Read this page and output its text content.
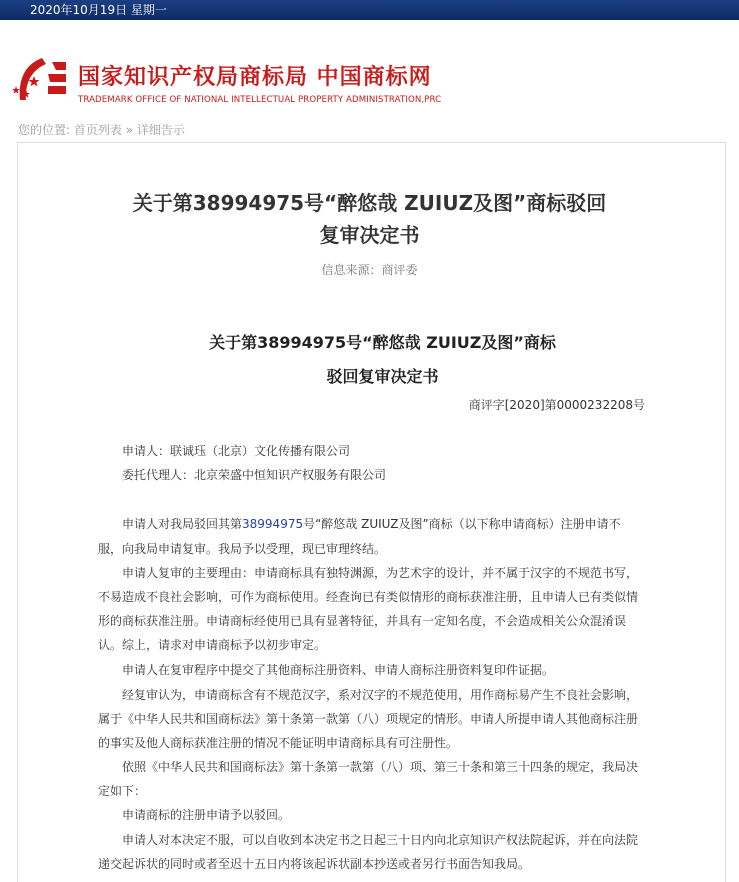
2020年10月19日 星期一
国家知识产权局商标局 中国商标网
TRADEMARK OFFICE OF NATIONAL INTELLECTUAL PROPERTY ADMINISTRATION,PRC
您的位置: 首页列表 » 详细告示
关于第38994975号“醉悠哉 ZUIUZ及图”商标驳回
复审决定书
信息来源：商评委
关于第38994975号“醉悠哉 ZUIUZ及图”商标
驳回复审决定书
商评字[2020]第0000232208号
申请人：联诚珏（北京）文化传播有限公司
委托代理人：北京荣盛中恒知识产权服务有限公司
申请人对我局驳回其第38994975号“醉悠哉 ZUIUZ及图”商标（以下称申请商标）注册申请不
服，向我局申请复审。我局予以受理，现已审理终结。
申请人复审的主要理由：申请商标具有独特渊源，为艺术字的设计，并不属于汉字的不规范书写，
不易造成不良社会影响，可作为商标使用。经查询已有类似情形的商标获准注册，且申请人已有类似情
形的商标获准注册。申请商标经使用已具有显著特征，并具有一定知名度，不会造成相关公众混淆误
认。综上，请求对申请商标予以初步审定。
申请人在复审程序中提交了其他商标注册资料、申请人商标注册资料复印件证据。
经复审认为，申请商标含有不规范汉字，系对汉字的不规范使用，用作商标易产生不良社会影响，
属于《中华人民共和国商标法》第十条第一款第（八）项规定的情形。申请人所提申请人其他商标注册
的事实及他人商标获准注册的情况不能证明申请商标具有可注册性。
依照《中华人民共和国商标法》第十条第一款第（八）项、第三十条和第三十四条的规定，我局决
定如下：
申请商标的注册申请予以驳回。
申请人对本决定不服，可以自收到本决定书之日起三十日内向北京知识产权法院起诉，并在向法院
递交起诉状的同时或者至迟十五日内将该起诉状副本抄送或者另行书面告知我局。
